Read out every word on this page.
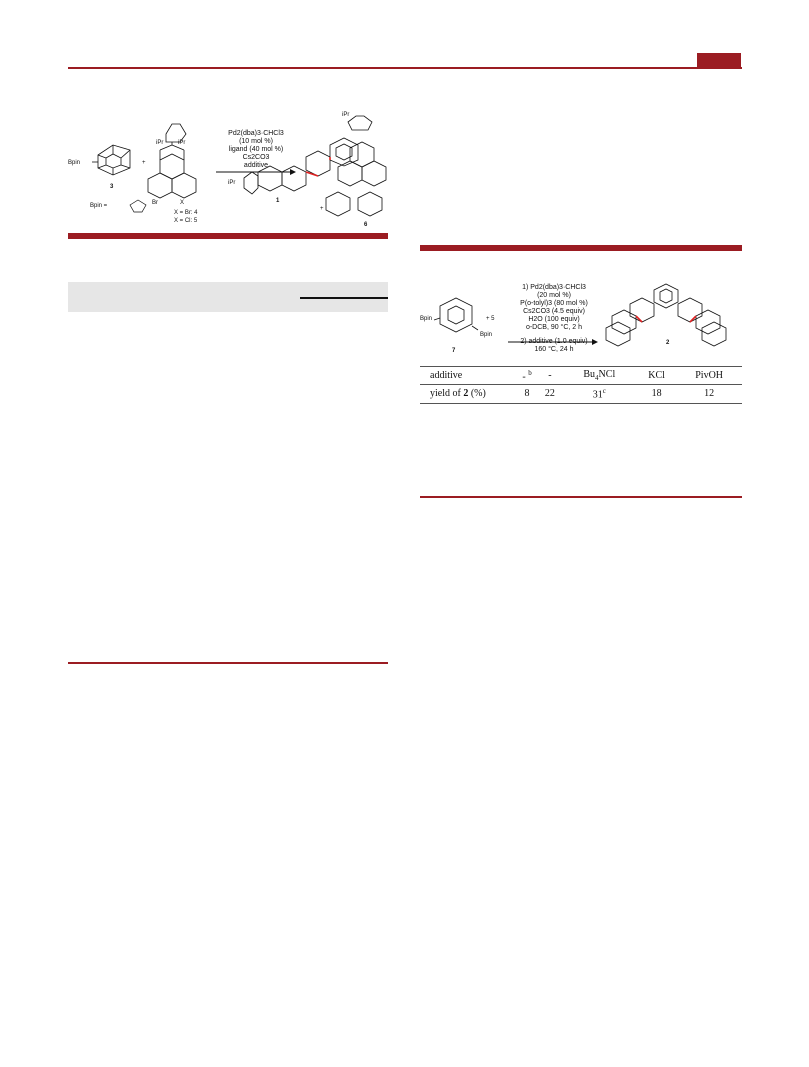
Pd2(dba)3·CHCl3
(10 mol %)
ligand (40 mol %)
Cs2CO3
additive
Bpin
3
+
iPr iPr
Br	X
X = Br: 4
X = Cl: 5
Bpin =
iPr
1
+
iPr
6
1) Pd2(dba)3·CHCl3
(20 mol %)
P(o-tolyl)3 (80 mol %)
Cs2CO3 (4.5 equiv)
H2O (100 equiv)
o-DCB, 90 °C, 2 h
2) additive (1.0 equiv)
160 °C, 24 h
Bpin
Bpin
+ 5
7
2
additive	- $^b$	-	$Bu_4NCl$	KCl	PivOH
yield of 2 (%)	8	22	31$^c$	18	12
